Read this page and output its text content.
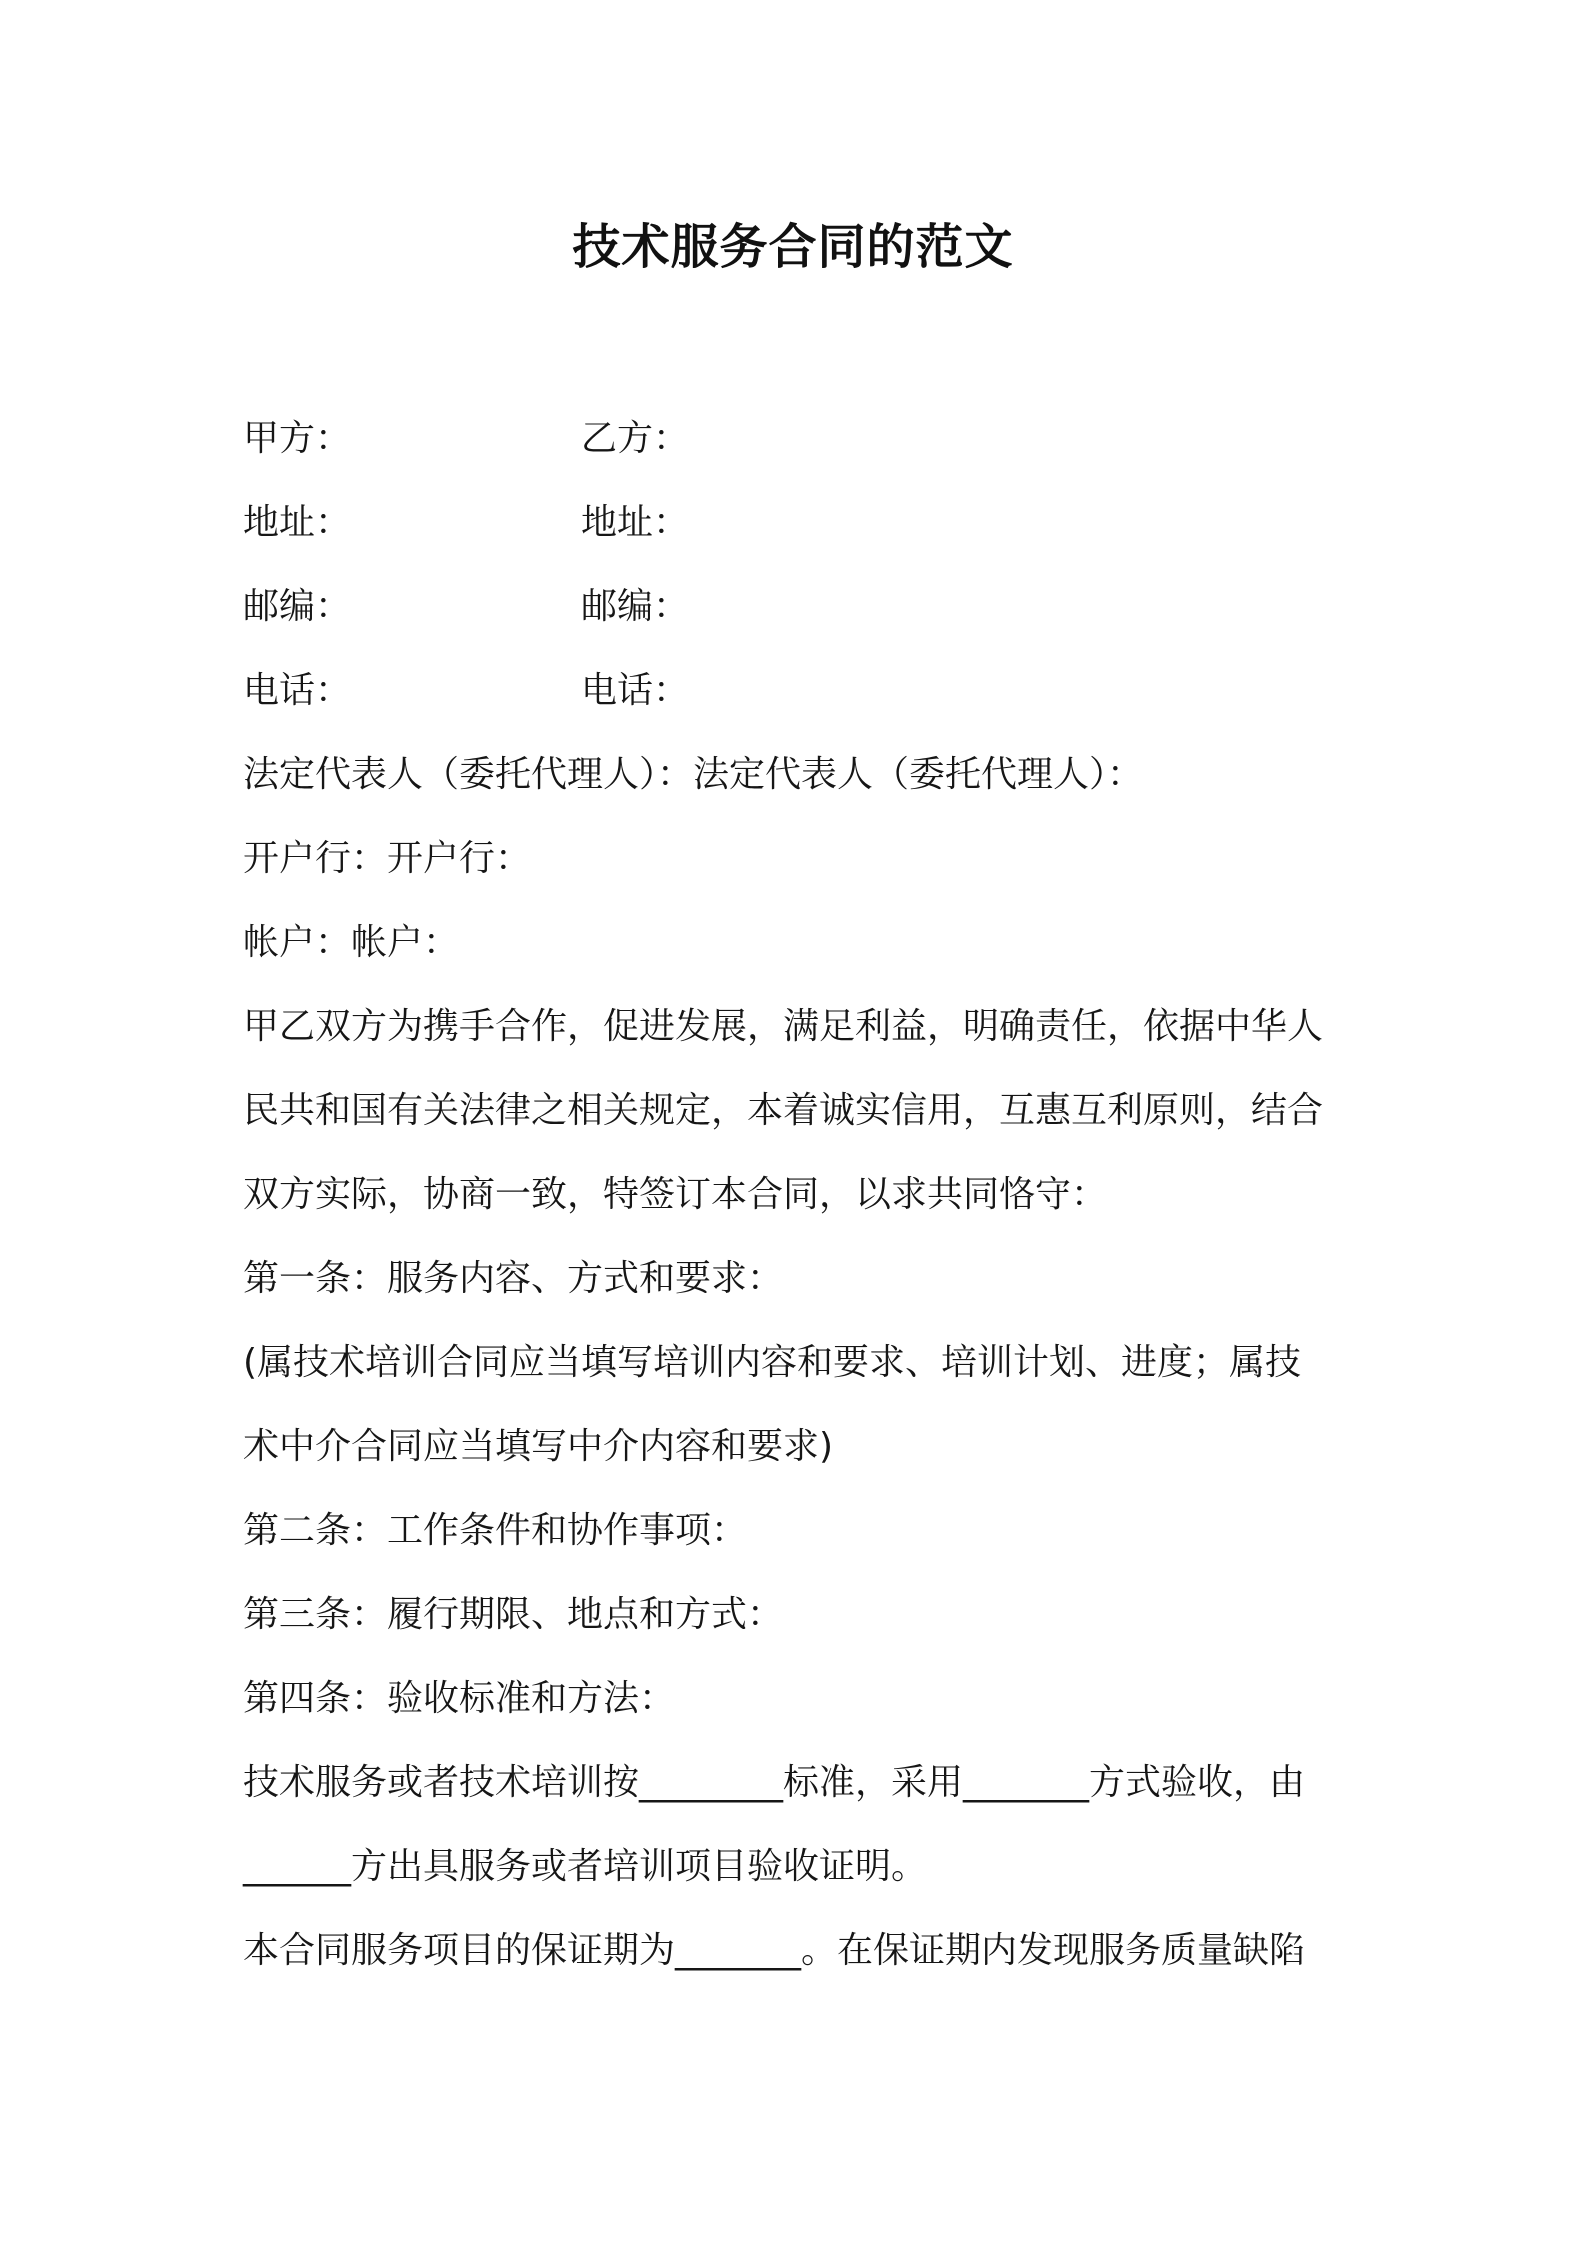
技术服务合同的范文
甲方：	乙方：
地址：	地址：
邮编：	邮编：
电话：	电话：
法定代表人（委托代理人）：法定代表人（委托代理人）：
开户行：开户行：
帐户：帐户：
甲乙双方为携手合作，促进发展，满足利益，明确责任，依据中华人
民共和国有关法律之相关规定，本着诚实信用，互惠互利原则，结合
双方实际，协商一致，特签订本合同，以求共同恪守：
第一条：服务内容、方式和要求：
(属技术培训合同应当填写培训内容和要求、培训计划、进度；属技
术中介合同应当填写中介内容和要求)
第二条：工作条件和协作事项：
第三条：履行期限、地点和方式：
第四条：验收标准和方法：
技术服务或者技术培训按________标准，采用_______方式验收，由
______方出具服务或者培训项目验收证明。
本合同服务项目的保证期为_______。在保证期内发现服务质量缺陷
